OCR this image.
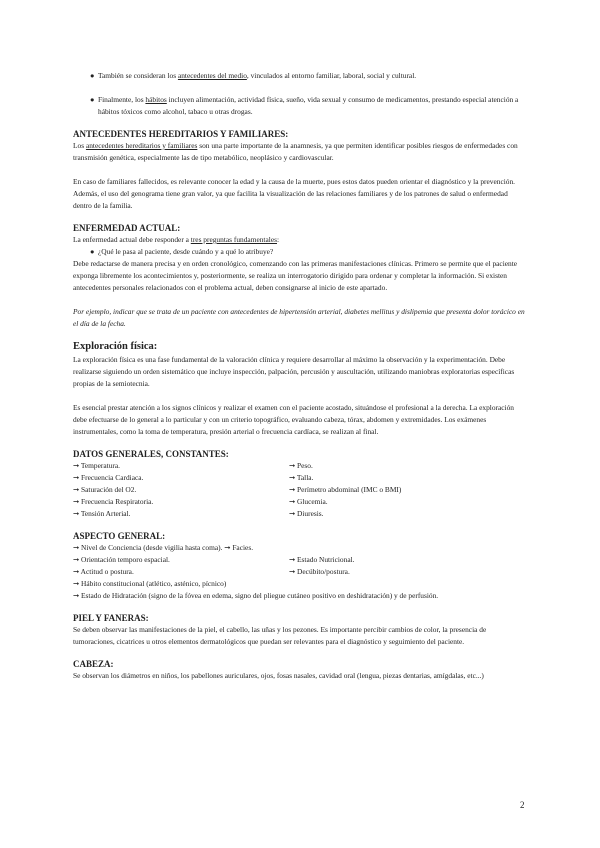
● También se consideran los antecedentes del medio, vinculados al entorno familiar, laboral, social y cultural.
● Finalmente, los hábitos incluyen alimentación, actividad física, sueño, vida sexual y consumo de medicamentos, prestando especial atención a hábitos tóxicos como alcohol, tabaco u otras drogas.

ANTECEDENTES HEREDITARIOS Y FAMILIARES:

Los antecedentes hereditarios y familiares son una parte importante de la anamnesis, ya que permiten identificar posibles riesgos de enfermedades con transmisión genética, especialmente las de tipo metabólico, neoplásico y cardiovascular.

En caso de familiares fallecidos, es relevante conocer la edad y la causa de la muerte, pues estos datos pueden orientar el diagnóstico y la prevención. Además, el uso del genograma tiene gran valor, ya que facilita la visualización de las relaciones familiares y de los patrones de salud o enfermedad dentro de la familia.

ENFERMEDAD ACTUAL:

La enfermedad actual debe responder a tres preguntas fundamentales:

● ¿Qué le pasa al paciente, desde cuándo y a qué lo atribuye?

Debe redactarse de manera precisa y en orden cronológico, comenzando con las primeras manifestaciones clínicas. Primero se permite que el paciente exponga libremente los acontecimientos y, posteriormente, se realiza un interrogatorio dirigido para ordenar y completar la información. Si existen antecedentes personales relacionados con el problema actual, deben consignarse al inicio de este apartado.

Por ejemplo, indicar que se trata de un paciente con antecedentes de hipertensión arterial, diabetes mellitus y dislipemia que presenta dolor torácico en el día de la fecha.

Exploración física:

La exploración física es una fase fundamental de la valoración clínica y requiere desarrollar al máximo la observación y la experimentación. Debe realizarse siguiendo un orden sistemático que incluye inspección, palpación, percusión y auscultación, utilizando maniobras exploratorias específicas propias de la semiotecnia.

Es esencial prestar atención a los signos clínicos y realizar el examen con el paciente acostado, situándose el profesional a la derecha. La exploración debe efectuarse de lo general a lo particular y con un criterio topográfico, evaluando cabeza, tórax, abdomen y extremidades. Los exámenes instrumentales, como la toma de temperatura, presión arterial o frecuencia cardíaca, se realizan al final.

DATOS GENERALES, CONSTANTES:

➞ Temperatura.

➞ Frecuencia Cardiaca.

➞ Saturación del O2.

➞ Frecuencia Respiratoria.

➞ Tensión Arterial.

➞ Peso.

➞ Talla.

➞ Perímetro abdominal (IMC o BMI)

➞ Glucemia.

➞ Diuresis.

ASPECTO GENERAL:

➞ Nivel de Conciencia (desde vigilia hasta coma). ➞ Facies.

➞ Orientación temporo espacial.	➞ Estado Nutricional.

➞ Actitud o postura.	➞ Decúbito/postura.

➞ Hábito constitucional (atlético, asténico, pícnico)

➞ Estado de Hidratación (signo de la fóvea en edema, signo del pliegue cutáneo positivo en deshidratación) y de perfusión.

PIEL Y FANERAS:

Se deben observar las manifestaciones de la piel, el cabello, las uñas y los pezones. Es importante percibir cambios de color, la presencia de tumoraciones, cicatrices u otros elementos dermatológicos que puedan ser relevantes para el diagnóstico y seguimiento del paciente.

CABEZA:

Se observan los diámetros en niños, los pabellones auriculares, ojos, fosas nasales, cavidad oral (lengua, piezas dentarias, amígdalas, etc...)

2
